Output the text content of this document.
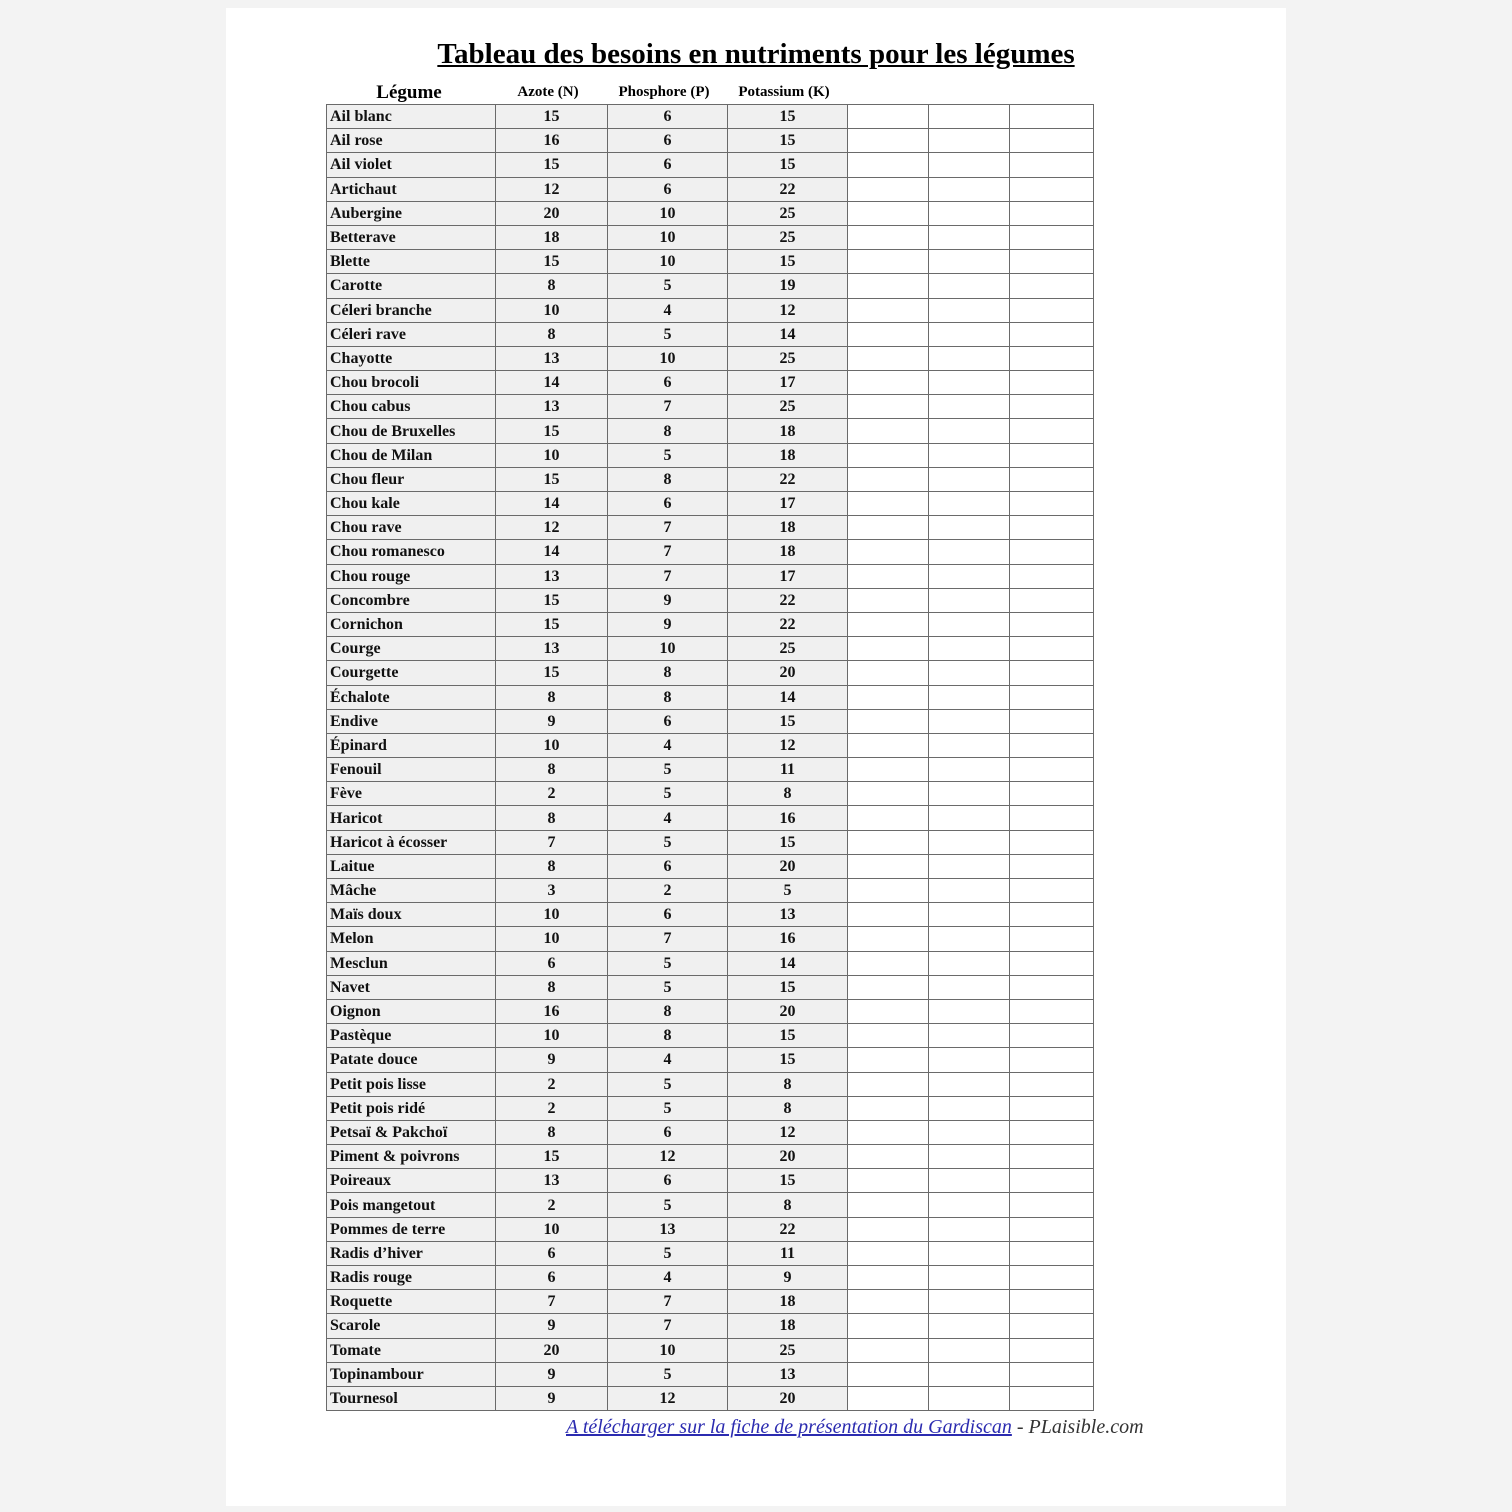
Tableau des besoins en nutriments pour les légumes
Légume	Azote (N)	Phosphore (P)	Potassium (K)
Ail blanc	15	6	15			
Ail rose	16	6	15			
Ail violet	15	6	15			
Artichaut	12	6	22			
Aubergine	20	10	25			
Betterave	18	10	25			
Blette	15	10	15			
Carotte	8	5	19			
Céleri branche	10	4	12			
Céleri rave	8	5	14			
Chayotte	13	10	25			
Chou brocoli	14	6	17			
Chou cabus	13	7	25			
Chou de Bruxelles	15	8	18			
Chou de Milan	10	5	18			
Chou fleur	15	8	22			
Chou kale	14	6	17			
Chou rave	12	7	18			
Chou romanesco	14	7	18			
Chou rouge	13	7	17			
Concombre	15	9	22			
Cornichon	15	9	22			
Courge	13	10	25			
Courgette	15	8	20			
Échalote	8	8	14			
Endive	9	6	15			
Épinard	10	4	12			
Fenouil	8	5	11			
Fève	2	5	8			
Haricot	8	4	16			
Haricot à écosser	7	5	15			
Laitue	8	6	20			
Mâche	3	2	5			
Maïs doux	10	6	13			
Melon	10	7	16			
Mesclun	6	5	14			
Navet	8	5	15			
Oignon	16	8	20			
Pastèque	10	8	15			
Patate douce	9	4	15			
Petit pois lisse	2	5	8			
Petit pois ridé	2	5	8			
Petsaï & Pakchoï	8	6	12			
Piment & poivrons	15	12	20			
Poireaux	13	6	15			
Pois mangetout	2	5	8			
Pommes de terre	10	13	22			
Radis d’hiver	6	5	11			
Radis rouge	6	4	9			
Roquette	7	7	18			
Scarole	9	7	18			
Tomate	20	10	25			
Topinambour	9	5	13			
Tournesol	9	12	20			
A télécharger sur la fiche de présentation du Gardiscan - PLaisible.com
